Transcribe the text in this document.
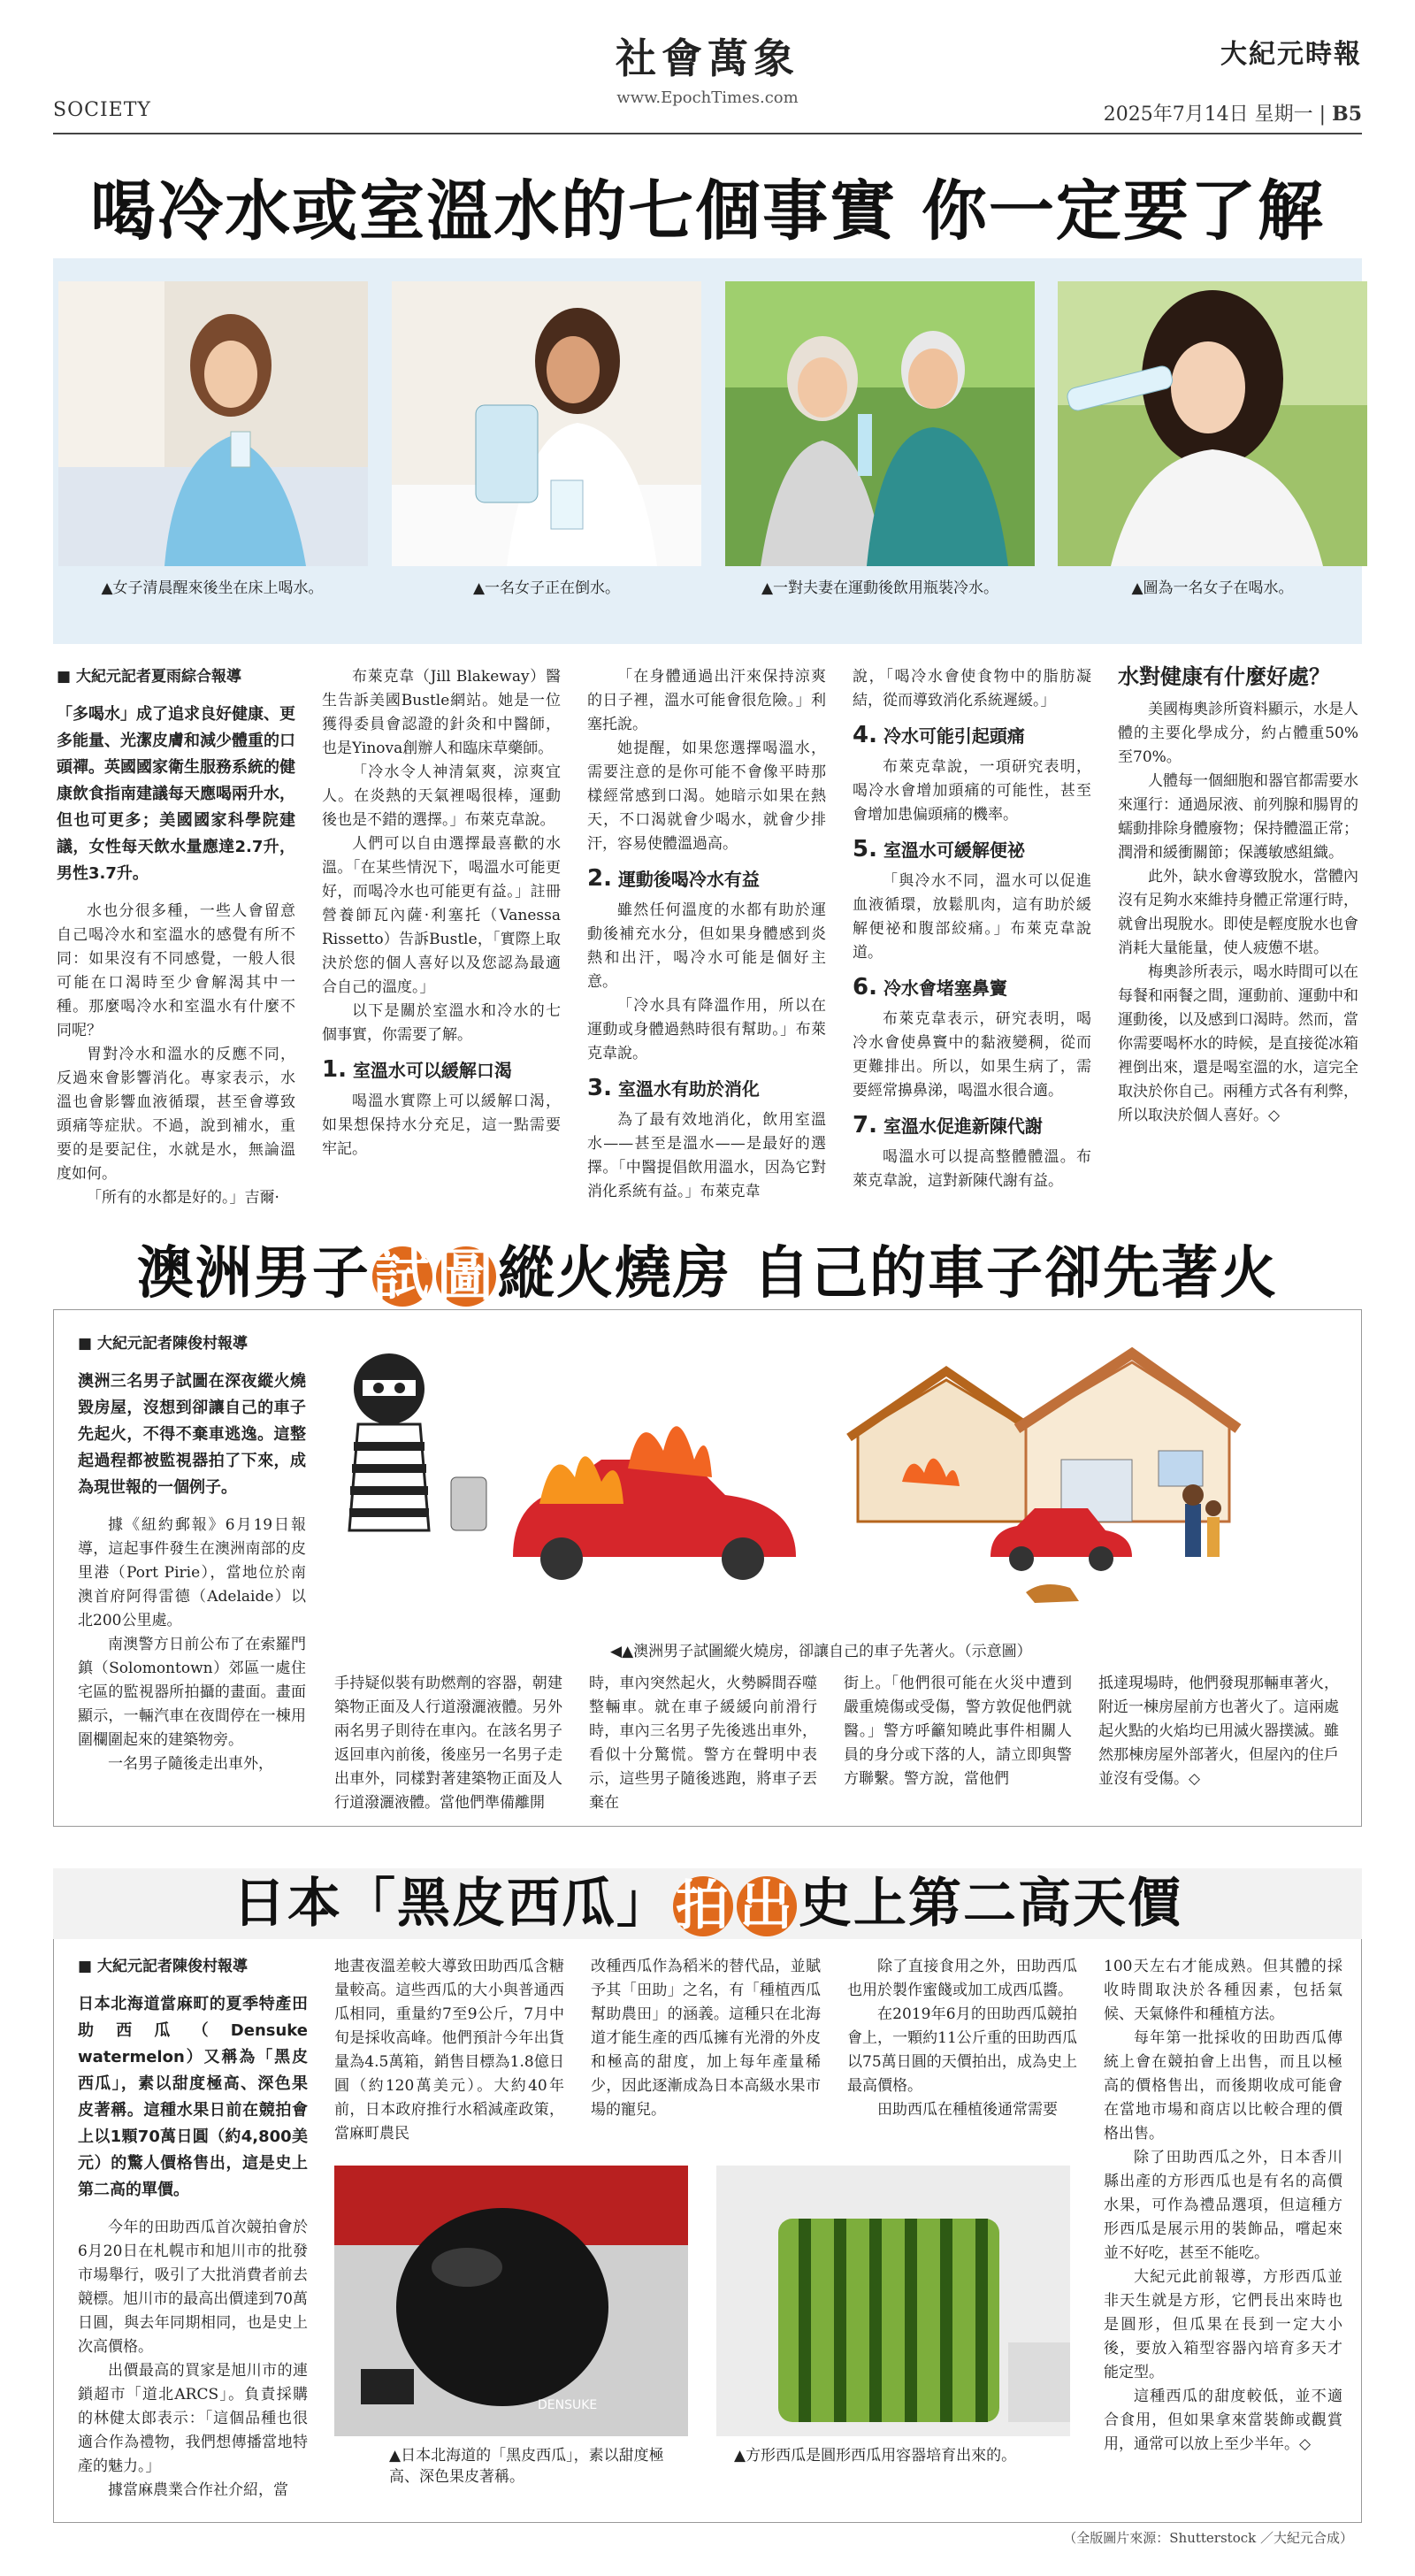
SOCIETY
社會萬象
www.EpochTimes.com
大紀元時報
2025年7月14日 星期一 | B5
喝冷水或室溫水的七個事實 你一定要了解
▲女子清晨醒來後坐在床上喝水。	▲一名女子正在倒水。	▲一對夫妻在運動後飲用瓶裝冷水。	▲圖為一名女子在喝水。
■ 大紀元記者夏雨綜合報導
「多喝水」成了追求良好健康、更多能量、光潔皮膚和減少體重的口頭禪。英國國家衛生服務系統的健康飲食指南建議每天應喝兩升水，但也可更多；美國國家科學院建議，女性每天飲水量應達2.7升，男性3.7升。

水也分很多種，一些人會留意自己喝冷水和室溫水的感覺有所不同：如果沒有不同感覺，一般人很可能在口渴時至少會解渴其中一種。那麼喝冷水和室溫水有什麼不同呢？

胃對冷水和溫水的反應不同，反過來會影響消化。專家表示，水溫也會影響血液循環，甚至會導致頭痛等症狀。不過，說到補水，重要的是要記住，水就是水，無論溫度如何。

「所有的水都是好的。」吉爾·

布萊克韋（Jill Blakeway）醫生告訴美國Bustle網站。她是一位獲得委員會認證的針灸和中醫師，也是Yinova創辦人和臨床草藥師。

「冷水令人神清氣爽，涼爽宜人。在炎熱的天氣裡喝很棒，運動後也是不錯的選擇。」布萊克韋說。

人們可以自由選擇最喜歡的水溫。「在某些情況下，喝溫水可能更好，而喝冷水也可能更有益。」註冊營養師瓦內薩·利塞托（Vanessa Rissetto）告訴Bustle，「實際上取決於您的個人喜好以及您認為最適合自己的溫度。」

以下是關於室溫水和冷水的七個事實，你需要了解。

1. 室溫水可以緩解口渴

喝溫水實際上可以緩解口渴，如果想保持水分充足，這一點需要牢記。

「在身體通過出汗來保持涼爽的日子裡，溫水可能會很危險。」利塞托說。

她提醒，如果您選擇喝溫水，需要注意的是你可能不會像平時那樣經常感到口渴。她暗示如果在熱天，不口渴就會少喝水，就會少排汗，容易使體溫過高。

2. 運動後喝冷水有益

雖然任何溫度的水都有助於運動後補充水分，但如果身體感到炎熱和出汗，喝冷水可能是個好主意。

「冷水具有降溫作用，所以在運動或身體過熱時很有幫助。」布萊克韋說。

3. 室溫水有助於消化

為了最有效地消化，飲用室溫水——甚至是溫水——是最好的選擇。「中醫提倡飲用溫水，因為它對消化系統有益。」布萊克韋

說，「喝冷水會使食物中的脂肪凝結，從而導致消化系統遲緩。」

4. 冷水可能引起頭痛

布萊克韋說，一項研究表明，喝冷水會增加頭痛的可能性，甚至會增加患偏頭痛的機率。

5. 室溫水可緩解便祕

「與冷水不同，溫水可以促進血液循環，放鬆肌肉，這有助於緩解便祕和腹部絞痛。」布萊克韋說道。

6. 冷水會堵塞鼻竇

布萊克韋表示，研究表明，喝冷水會使鼻竇中的黏液變稠，從而更難排出。所以，如果生病了，需要經常擤鼻涕，喝溫水很合適。

7. 室溫水促進新陳代謝

喝溫水可以提高整體體溫。布萊克韋說，這對新陳代謝有益。

水對健康有什麼好處？

美國梅奧診所資料顯示，水是人體的主要化學成分，約占體重50%至70%。

人體每一個細胞和器官都需要水來運行：通過尿液、前列腺和腸胃的蠕動排除身體廢物；保持體溫正常；潤滑和緩衝關節；保護敏感組織。

此外，缺水會導致脫水，當體內沒有足夠水來維持身體正常運行時，就會出現脫水。即使是輕度脫水也會消耗大量能量，使人疲憊不堪。

梅奧診所表示，喝水時間可以在每餐和兩餐之間，運動前、運動中和運動後，以及感到口渴時。然而，當你需要喝杯水的時候，是直接從冰箱裡倒出來，還是喝室溫的水，這完全取決於你自己。兩種方式各有利弊，所以取決於個人喜好。◇

澳洲男子試圖縱火燒房 自己的車子卻先著火
■ 大紀元記者陳俊村報導
澳洲三名男子試圖在深夜縱火燒毀房屋，沒想到卻讓自己的車子先起火，不得不棄車逃逸。這整起過程都被監視器拍了下來，成為現世報的一個例子。

據《紐約郵報》6月19日報導，這起事件發生在澳洲南部的皮里港（Port Pirie），當地位於南澳首府阿得雷德（Adelaide）以北200公里處。

南澳警方日前公布了在索羅門鎮（Solomontown）郊區一處住宅區的監視器所拍攝的畫面。畫面顯示，一輛汽車在夜間停在一棟用圍欄圍起來的建築物旁。

一名男子隨後走出車外，

◀▲澳洲男子試圖縱火燒房，卻讓自己的車子先著火。（示意圖）

手持疑似裝有助燃劑的容器，朝建築物正面及人行道潑灑液體。另外兩名男子則待在車內。在該名男子返回車內前後，後座另一名男子走出車外，同樣對著建築物正面及人行道潑灑液體。當他們準備離開

時，車內突然起火，火勢瞬間吞噬整輛車。就在車子緩緩向前滑行時，車內三名男子先後逃出車外，看似十分驚慌。警方在聲明中表示，這些男子隨後逃跑，將車子丟棄在

街上。「他們很可能在火災中遭到嚴重燒傷或受傷，警方敦促他們就醫。」警方呼籲知曉此事件相關人員的身分或下落的人，請立即與警方聯繫。警方說，當他們

抵達現場時，他們發現那輛車著火，附近一棟房屋前方也著火了。這兩處起火點的火焰均已用滅火器撲滅。雖然那棟房屋外部著火，但屋內的住戶並沒有受傷。◇

日本「黑皮西瓜」拍 出史上第二高天價
■ 大紀元記者陳俊村報導
日本北海道當麻町的夏季特產田助西瓜（Densuke watermelon）又稱為「黑皮西瓜」，素以甜度極高、深色果皮著稱。這種水果日前在競拍會上以1顆70萬日圓（約4,800美元）的驚人價格售出，這是史上第二高的單價。

今年的田助西瓜首次競拍會於6月20日在札幌市和旭川市的批發市場舉行，吸引了大批消費者前去競標。旭川市的最高出價達到70萬日圓，與去年同期相同，也是史上次高價格。

出價最高的買家是旭川市的連鎖超市「道北ARCS」。負責採購的林健太郎表示：「這個品種也很適合作為禮物，我們想傳播當地特產的魅力。」

據當麻農業合作社介紹，當

地晝夜溫差較大導致田助西瓜含糖量較高。這些西瓜的大小與普通西瓜相同，重量約7至9公斤，7月中旬是採收高峰。他們預計今年出貨量為4.5萬箱，銷售目標為1.8億日圓（約120萬美元）。大約40年前，日本政府推行水稻減產政策，當麻町農民

改種西瓜作為稻米的替代品，並賦予其「田助」之名，有「種植西瓜幫助農田」的涵義。這種只在北海道才能生產的西瓜擁有光滑的外皮和極高的甜度，加上每年產量稀少，因此逐漸成為日本高級水果市場的寵兒。

除了直接食用之外，田助西瓜也用於製作蜜餞或加工成西瓜醬。

在2019年6月的田助西瓜競拍會上，一顆約11公斤重的田助西瓜以75萬日圓的天價拍出，成為史上最高價格。

田助西瓜在種植後通常需要

100天左右才能成熟。但其體的採收時間取決於各種因素，包括氣候、天氣條件和種植方法。

每年第一批採收的田助西瓜傳統上會在競拍會上出售，而且以極高的價格售出，而後期收成可能會在當地市場和商店以比較合理的價格出售。

除了田助西瓜之外，日本香川縣出產的方形西瓜也是有名的高價水果，可作為禮品選項，但這種方形西瓜是展示用的裝飾品，嚐起來並不好吃，甚至不能吃。

大紀元此前報導，方形西瓜並非天生就是方形，它們長出來時也是圓形，但瓜果在長到一定大小後，要放入箱型容器內培育多天才能定型。

這種西瓜的甜度較低，並不適合食用，但如果拿來當裝飾或觀賞用，通常可以放上至少半年。◇

DENSUKE
▲日本北海道的「黑皮西瓜」，素以甜度極高、深色果皮著稱。
▲方形西瓜是圓形西瓜用容器培育出來的。
（全版圖片來源：Shutterstock ／大紀元合成）
